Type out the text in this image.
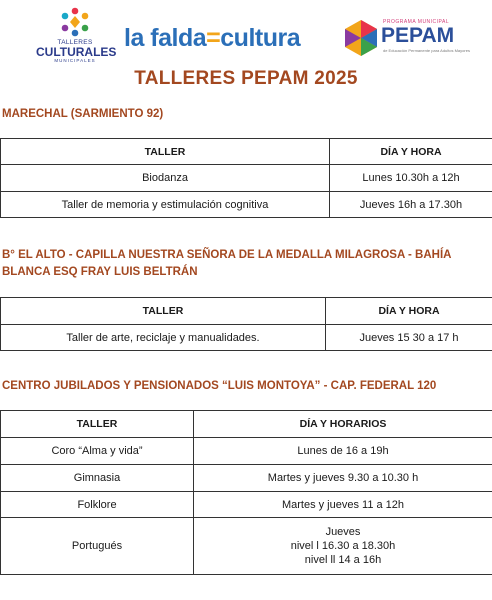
TALLERES
CULTURALES
MUNICIPALES
la falda=cultura
PROGRAMA MUNICIPAL
PEPAM
de Educación Permanente para Adultos Mayores
TALLERES PEPAM 2025
MARECHAL (SARMIENTO 92)
TALLER	DÍA Y HORA
Biodanza	Lunes 10.30h a 12h
Taller de memoria y estimulación cognitiva	Jueves 16h a 17.30h
B° EL ALTO - CAPILLA NUESTRA SEÑORA DE LA MEDALLA MILAGROSA - BAHÍA BLANCA ESQ FRAY LUIS BELTRÁN
TALLER	DÍA Y HORA
Taller de arte, reciclaje y manualidades.	Jueves 15 30 a 17 h
CENTRO JUBILADOS Y PENSIONADOS “LUIS MONTOYA” - CAP. FEDERAL 120
TALLER	DÍA Y HORARIOS
Coro “Alma y vida”	Lunes de 16 a 19h
Gimnasia	Martes y jueves 9.30 a 10.30 h
Folklore	Martes y jueves 11 a 12h
Portugués	Jueves
nivel l 16.30 a 18.30h
nivel ll 14 a 16h
